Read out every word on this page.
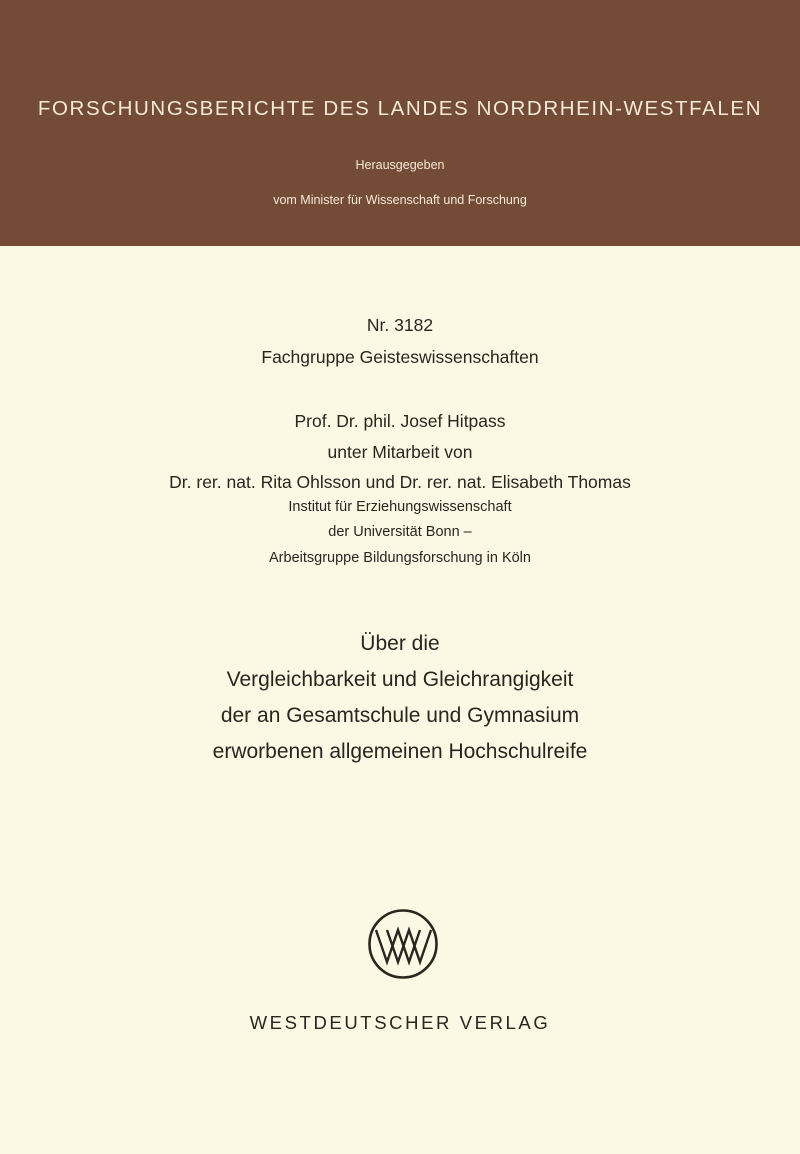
FORSCHUNGSBERICHTE DES LANDES NORDRHEIN-WESTFALEN
Herausgegeben
vom Minister für Wissenschaft und Forschung
Nr. 3182
Fachgruppe Geisteswissenschaften
Prof. Dr. phil. Josef Hitpass
unter Mitarbeit von
Dr. rer. nat. Rita Ohlsson und Dr. rer. nat. Elisabeth Thomas
Institut für Erziehungswissenschaft
der Universität Bonn –
Arbeitsgruppe Bildungsforschung in Köln
Über die
Vergleichbarkeit und Gleichrangigkeit
der an Gesamtschule und Gymnasium
erworbenen allgemeinen Hochschulreife
WESTDEUTSCHER VERLAG
